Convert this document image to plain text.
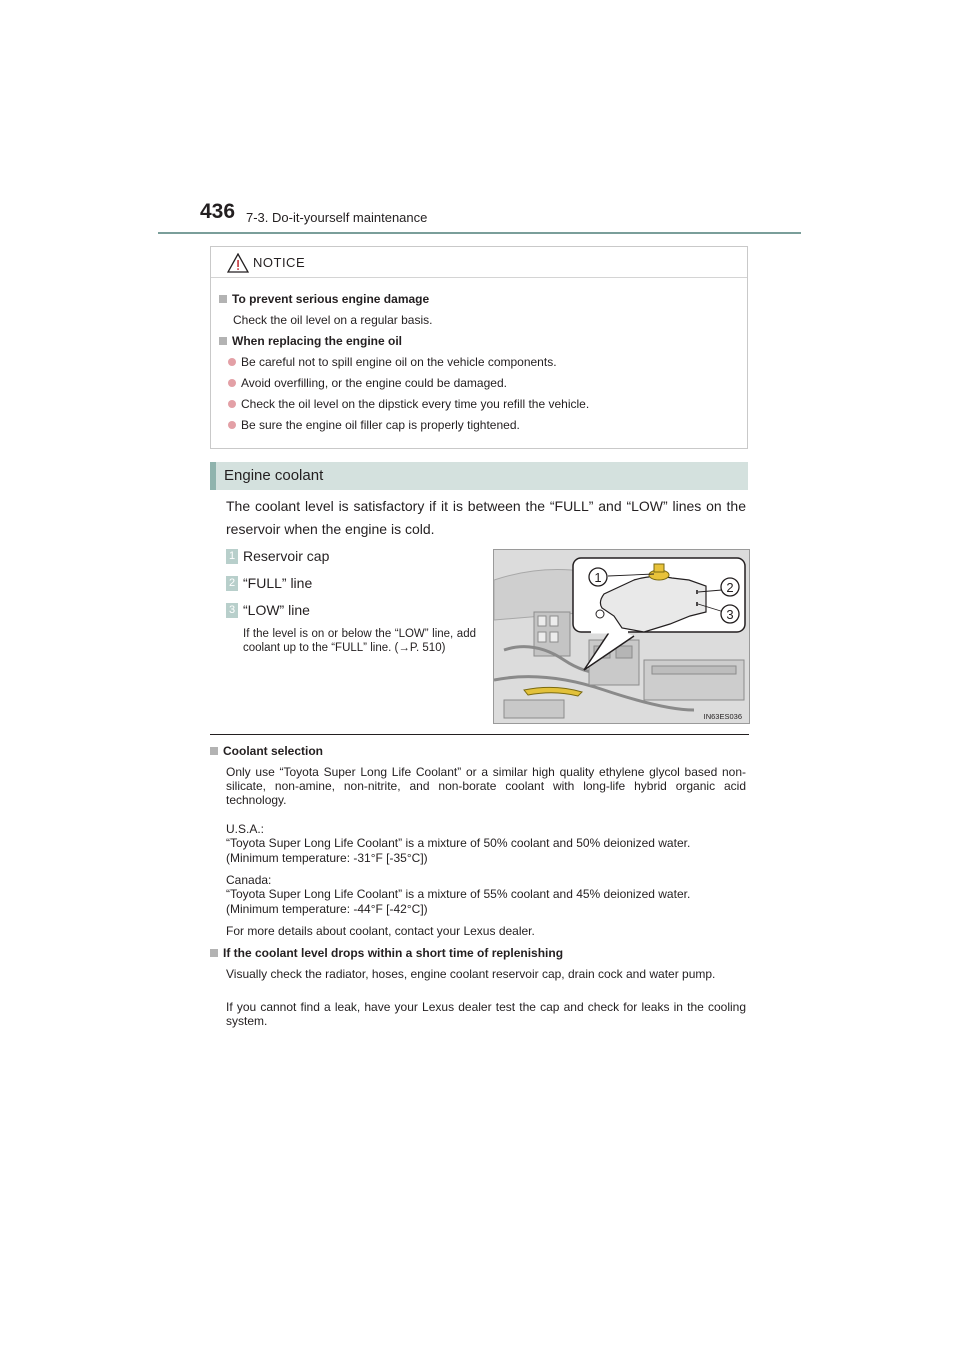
436 7-3. Do-it-yourself maintenance
NOTICE
To prevent serious engine damage
Check the oil level on a regular basis.
When replacing the engine oil
Be careful not to spill engine oil on the vehicle components.
Avoid overfilling, or the engine could be damaged.
Check the oil level on the dipstick every time you refill the vehicle.
Be sure the engine oil filler cap is properly tightened.
Engine coolant
The coolant level is satisfactory if it is between the “FULL” and “LOW” lines on the reservoir when the engine is cold.
1 Reservoir cap
2 “FULL” line
3 “LOW” line
If the level is on or below the “LOW” line, add coolant up to the “FULL” line. (→P. 510)
1
2
3
IN63ES036
Coolant selection
Only use “Toyota Super Long Life Coolant” or a similar high quality ethylene glycol based non-silicate, non-amine, non-nitrite, and non-borate coolant with long-life hybrid organic acid technology.
U.S.A.:
“Toyota Super Long Life Coolant” is a mixture of 50% coolant and 50% deionized water.
(Minimum temperature: -31°F [-35°C])
Canada:
“Toyota Super Long Life Coolant” is a mixture of 55% coolant and 45% deionized water.
(Minimum temperature: -44°F [-42°C])
For more details about coolant, contact your Lexus dealer.
If the coolant level drops within a short time of replenishing
Visually check the radiator, hoses, engine coolant reservoir cap, drain cock and water pump.
If you cannot find a leak, have your Lexus dealer test the cap and check for leaks in the cooling system.
